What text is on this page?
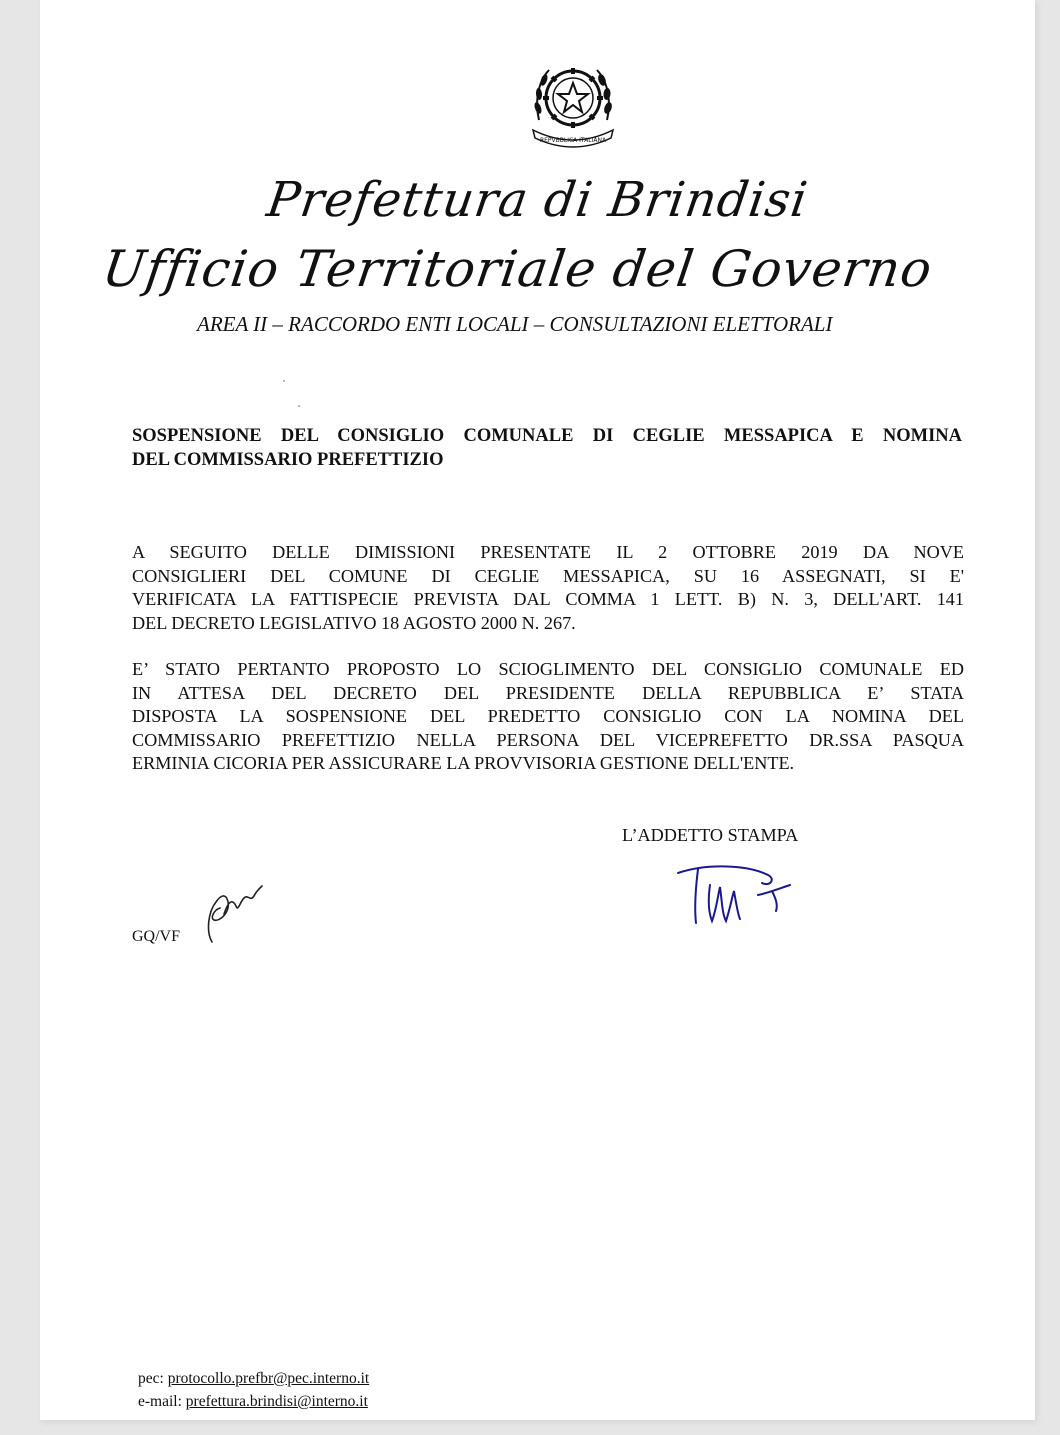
REPVBBLICA ITALIANA
Prefettura di Brindisi
Ufficio Territoriale del Governo
AREA II – RACCORDO ENTI LOCALI – CONSULTAZIONI ELETTORALI
SOSPENSIONE DEL CONSIGLIO COMUNALE DI CEGLIE MESSAPICA E NOMINA
DEL COMMISSARIO PREFETTIZIO
A SEGUITO DELLE DIMISSIONI PRESENTATE IL 2 OTTOBRE 2019 DA NOVE
CONSIGLIERI DEL COMUNE DI CEGLIE MESSAPICA, SU 16 ASSEGNATI, SI E'
VERIFICATA LA FATTISPECIE PREVISTA DAL COMMA 1 LETT. B) N. 3, DELL'ART. 141
DEL DECRETO LEGISLATIVO 18 AGOSTO 2000 N. 267.
E’ STATO PERTANTO PROPOSTO LO SCIOGLIMENTO DEL CONSIGLIO COMUNALE ED
IN ATTESA DEL DECRETO DEL PRESIDENTE DELLA REPUBBLICA E’ STATA
DISPOSTA LA SOSPENSIONE DEL PREDETTO CONSIGLIO CON LA NOMINA DEL
COMMISSARIO PREFETTIZIO NELLA PERSONA DEL VICEPREFETTO DR.SSA PASQUA
ERMINIA CICORIA PER ASSICURARE LA PROVVISORIA GESTIONE DELL'ENTE.
L’ADDETTO STAMPA
GQ/VF
pec: protocollo.prefbr@pec.interno.it
e-mail: prefettura.brindisi@interno.it
